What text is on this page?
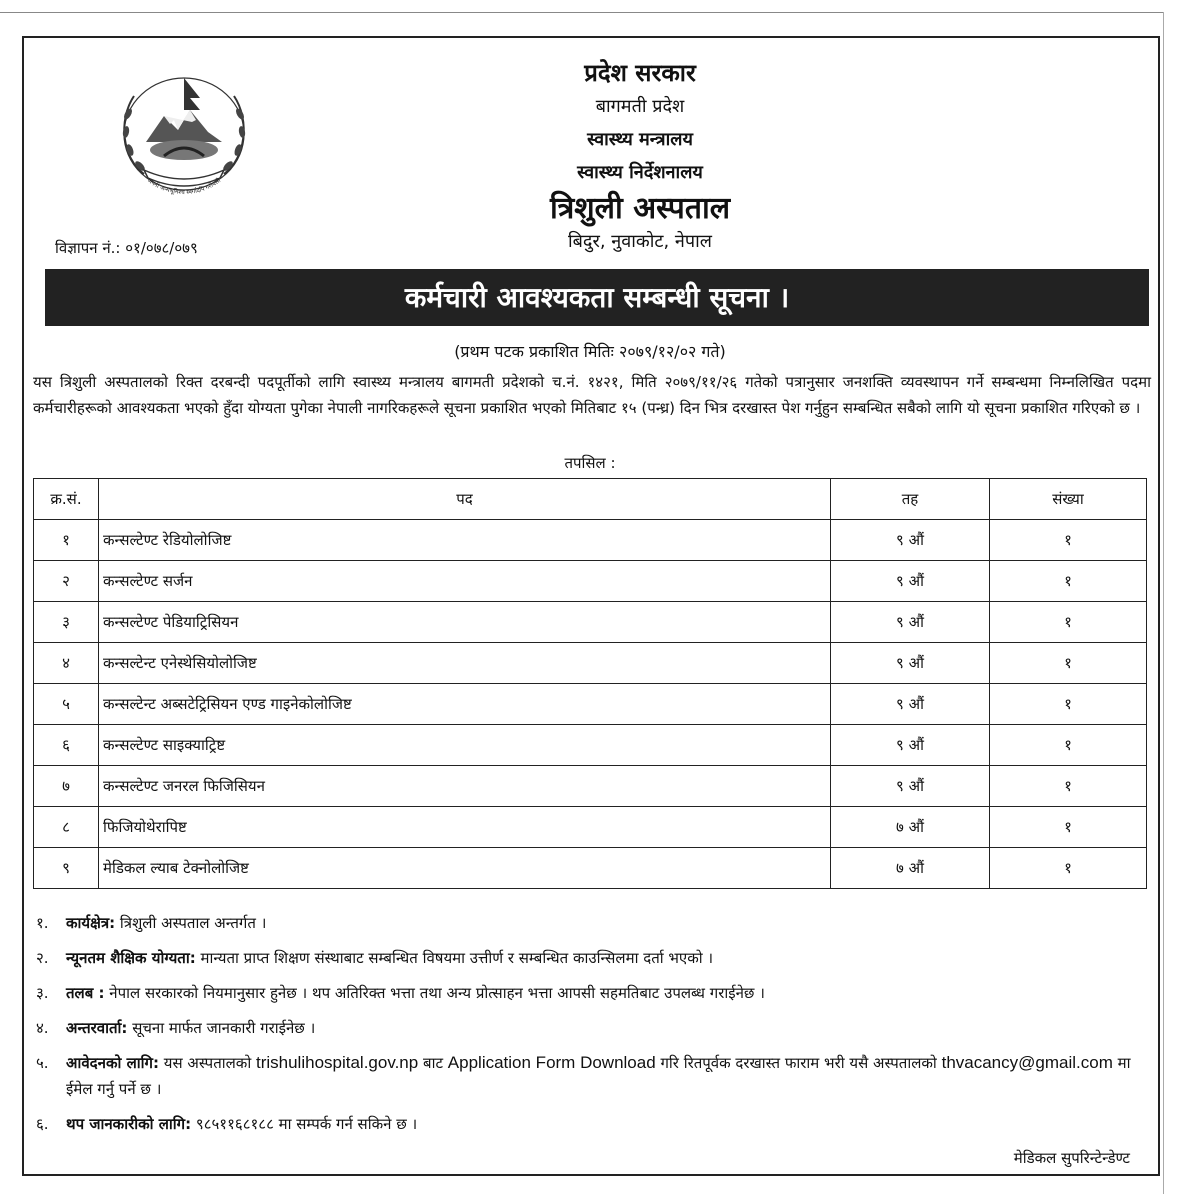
जननी जन्मभूमिश्च स्वर्गादपि गरीयसी
प्रदेश सरकार
बागमती प्रदेश
स्वास्थ्य मन्त्रालय
स्वास्थ्य निर्देशनालय
त्रिशुली अस्पताल
बिदुर, नुवाकोट, नेपाल
विज्ञापन नं.: ०१/०७८/०७९
कर्मचारी आवश्यकता सम्बन्धी सूचना ।
(प्रथम पटक प्रकाशित मितिः २०७९/१२/०२ गते)
यस त्रिशुली अस्पतालको रिक्त दरबन्दी पदपूर्तीको लागि स्वास्थ्य मन्त्रालय बागमती प्रदेशको च.नं. १४२१, मिति २०७९/११/२६ गतेको पत्रानुसार जनशक्ति व्यवस्थापन गर्ने सम्बन्धमा निम्नलिखित पदमा कर्मचारीहरूको आवश्यकता भएको हुँदा योग्यता पुगेका नेपाली नागरिकहरूले सूचना प्रकाशित भएको मितिबाट १५ (पन्ध्र) दिन भित्र दरखास्त पेश गर्नुहुन सम्बन्धित सबैको लागि यो सूचना प्रकाशित गरिएको छ ।
तपसिल :
क्र.सं.	पद	तह	संख्या
१	कन्सल्टेण्ट रेडियोलोजिष्ट	९ औं	१
२	कन्सल्टेण्ट सर्जन	९ औं	१
३	कन्सल्टेण्ट पेडियाट्रिसियन	९ औं	१
४	कन्सल्टेन्ट एनेस्थेसियोलोजिष्ट	९ औं	१
५	कन्सल्टेन्ट अब्सटेट्रिसियन एण्ड गाइनेकोलोजिष्ट	९ औं	१
६	कन्सल्टेण्ट साइक्याट्रिष्ट	९ औं	१
७	कन्सल्टेण्ट जनरल फिजिसियन	९ औं	१
८	फिजियोथेरापिष्ट	७ औं	१
९	मेडिकल ल्याब टेक्नोलोजिष्ट	७ औं	१
१. कार्यक्षेत्र: त्रिशुली अस्पताल अन्तर्गत ।
२. न्यूनतम शैक्षिक योग्यता: मान्यता प्राप्त शिक्षण संस्थाबाट सम्बन्धित विषयमा उत्तीर्ण र सम्बन्धित काउन्सिलमा दर्ता भएको ।
३. तलब : नेपाल सरकारको नियमानुसार हुनेछ । थप अतिरिक्त भत्ता तथा अन्य प्रोत्साहन भत्ता आपसी सहमतिबाट उपलब्ध गराईनेछ ।
४. अन्तरवार्ता: सूचना मार्फत जानकारी गराईनेछ ।
५. आवेदनको लागि: यस अस्पतालको trishulihospital.gov.np बाट Application Form Download गरि रितपूर्वक दरखास्त फाराम भरी यसै अस्पतालको thvacancy@gmail.com मा ईमेल गर्नु पर्ने छ ।
६. थप जानकारीको लागि: ९८५११६८१८८ मा सम्पर्क गर्न सकिने छ ।
मेडिकल सुपरिन्टेन्डेण्ट
